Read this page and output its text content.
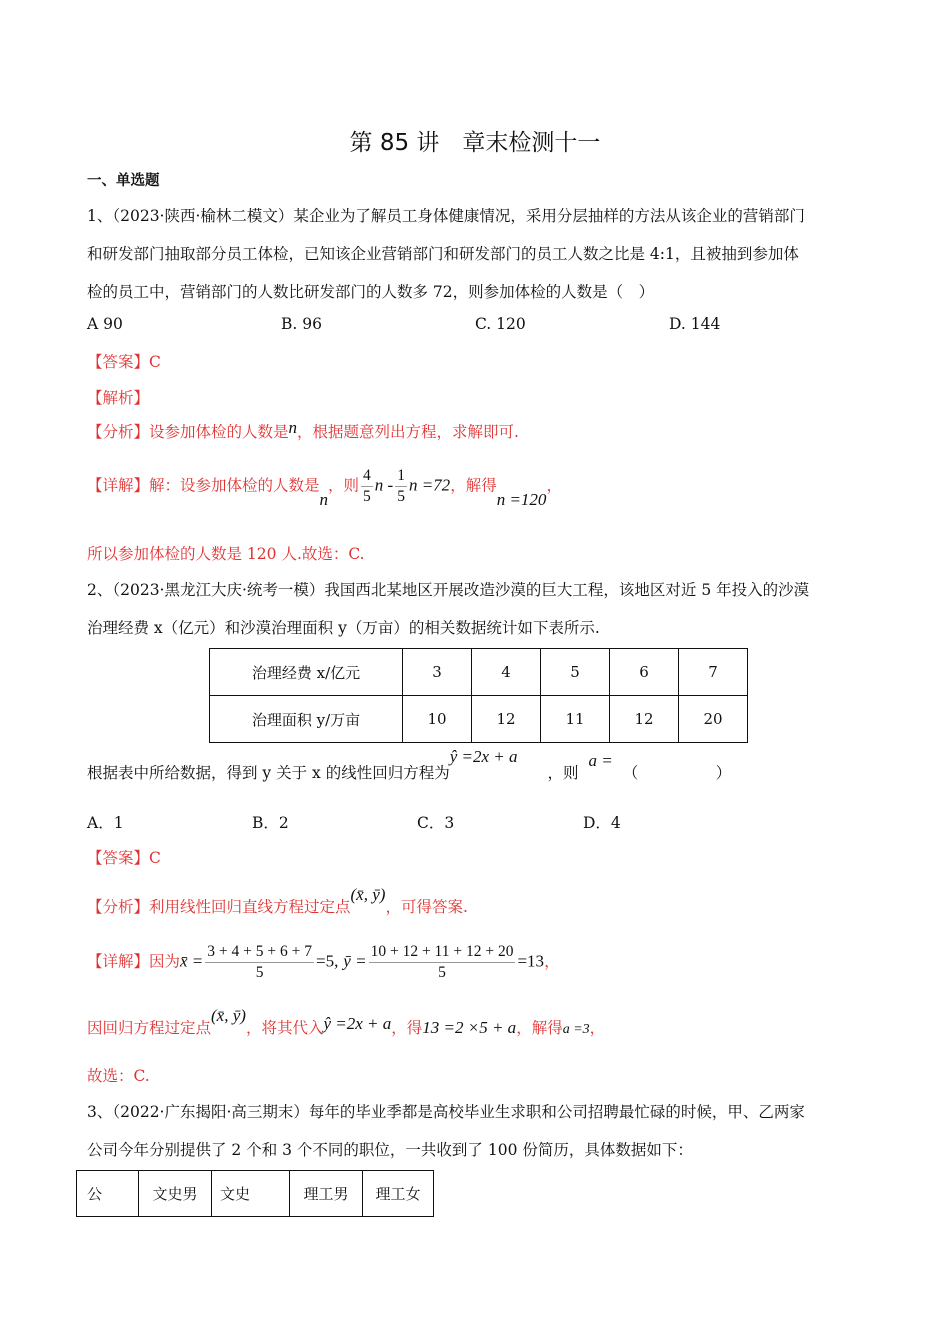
第 85 讲　章末检测十一
一、单选题
1、（2023·陕西·榆林二模文）某企业为了解员工身体健康情况，采用分层抽样的方法从该企业的营销部门
和研发部门抽取部分员工体检，已知该企业营销部门和研发部门的员工人数之比是 4:1，且被抽到参加体
检的员工中，营销部门的人数比研发部门的人数多 72，则参加体检的人数是（　）
A 90	B. 96	C. 120	D. 144
【答案】C
【解析】
【分析】设参加体检的人数是n，根据题意列出方程，求解即可.
【详解】解：设参加体检的人数是n，则 $\frac{4}{5}$ n - $\frac{1}{5}$ n =72，解得n =120，
所以参加体检的人数是 120 人.故选：C.
2、（2023·黑龙江大庆·统考一模）我国西北某地区开展改造沙漠的巨大工程，该地区对近 5 年投入的沙漠
治理经费 x（亿元）和沙漠治理面积 y（万亩）的相关数据统计如下表所示.
治理经费 x/亿元	3	4	5	6	7
治理面积 y/万亩	10	12	11	12	20
根据表中所给数据，得到 y 关于 x 的线性回归方程为ŷ =2x + a，则a =（　　　　　）
A．1	B．2	C．3	D．4
【答案】C
【分析】利用线性回归直线方程过定点(x̄, ȳ)，可得答案.
【详解】因为x̄ = $\frac{3 + 4 + 5 + 6 + 7}{5} =5$, ȳ = $\frac{10 + 12 + 11 + 12 + 20}{5} =13$，
因回归方程过定点(x̄, ȳ)，将其代入ŷ =2x + a，得13 =2 ×5 + a，解得a =3，
故选：C.
3、（2022·广东揭阳·高三期末）每年的毕业季都是高校毕业生求职和公司招聘最忙碌的时候，甲、乙两家
公司今年分别提供了 2 个和 3 个不同的职位，一共收到了 100 份简历，具体数据如下：
公	文史男	文史	理工男	理工女
